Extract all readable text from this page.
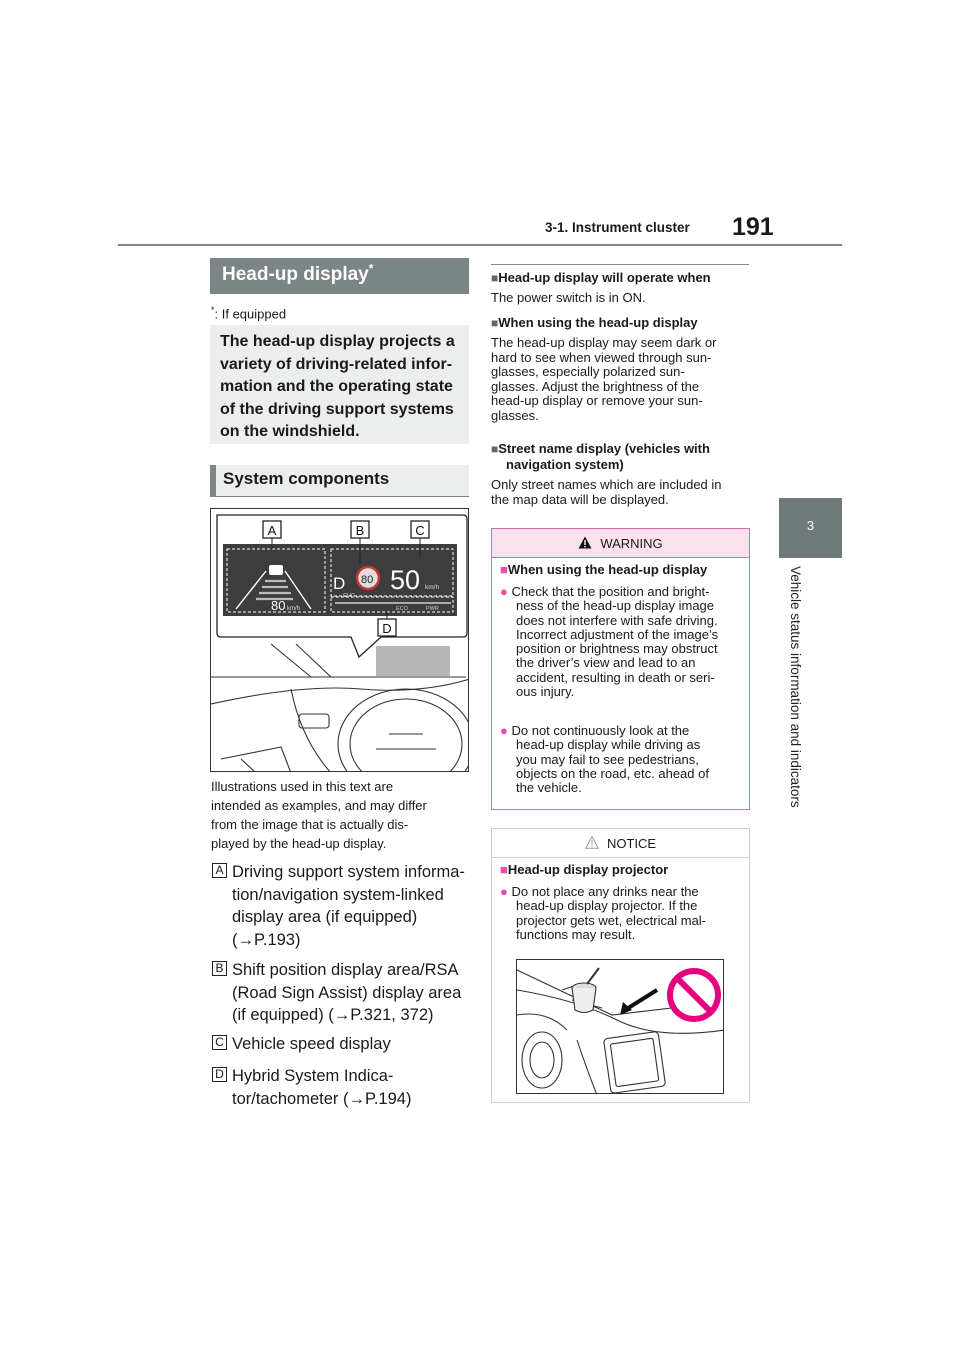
3-1. Instrument cluster 191
3
Vehicle status information and indicators
Head-up display*
*: If equipped
The head-up display projects a
variety of driving-related infor-
mation and the operating state
of the driving support systems
on the windshield.
System components
80 km/h
D 80 50 km/h
CHG
ECO	PWR
A	B	C
D
Illustrations used in this text are
intended as examples, and may differ
from the image that is actually dis-
played by the head-up display.
A Driving support system informa-
tion/navigation system-linked
display area (if equipped)
(→P.193)
B Shift position display area/RSA
(Road Sign Assist) display area
(if equipped) (→P.321, 372)
C Vehicle speed display
D Hybrid System Indica-
tor/tachometer (→P.194)
■Head-up display will operate when
The power switch is in ON.
■When using the head-up display
The head-up display may seem dark or
hard to see when viewed through sun-
glasses, especially polarized sun-
glasses. Adjust the brightness of the
head-up display or remove your sun-
glasses.
■Street name display (vehicles with
navigation system)
Only street names which are included in
the map data will be displayed.
WARNING
■When using the head-up display
● Check that the position and bright-
ness of the head-up display image
does not interfere with safe driving.
Incorrect adjustment of the image’s
position or brightness may obstruct
the driver’s view and lead to an
accident, resulting in death or seri-
ous injury.
● Do not continuously look at the
head-up display while driving as
you may fail to see pedestrians,
objects on the road, etc. ahead of
the vehicle.
NOTICE
■Head-up display projector
● Do not place any drinks near the
head-up display projector. If the
projector gets wet, electrical mal-
functions may result.
